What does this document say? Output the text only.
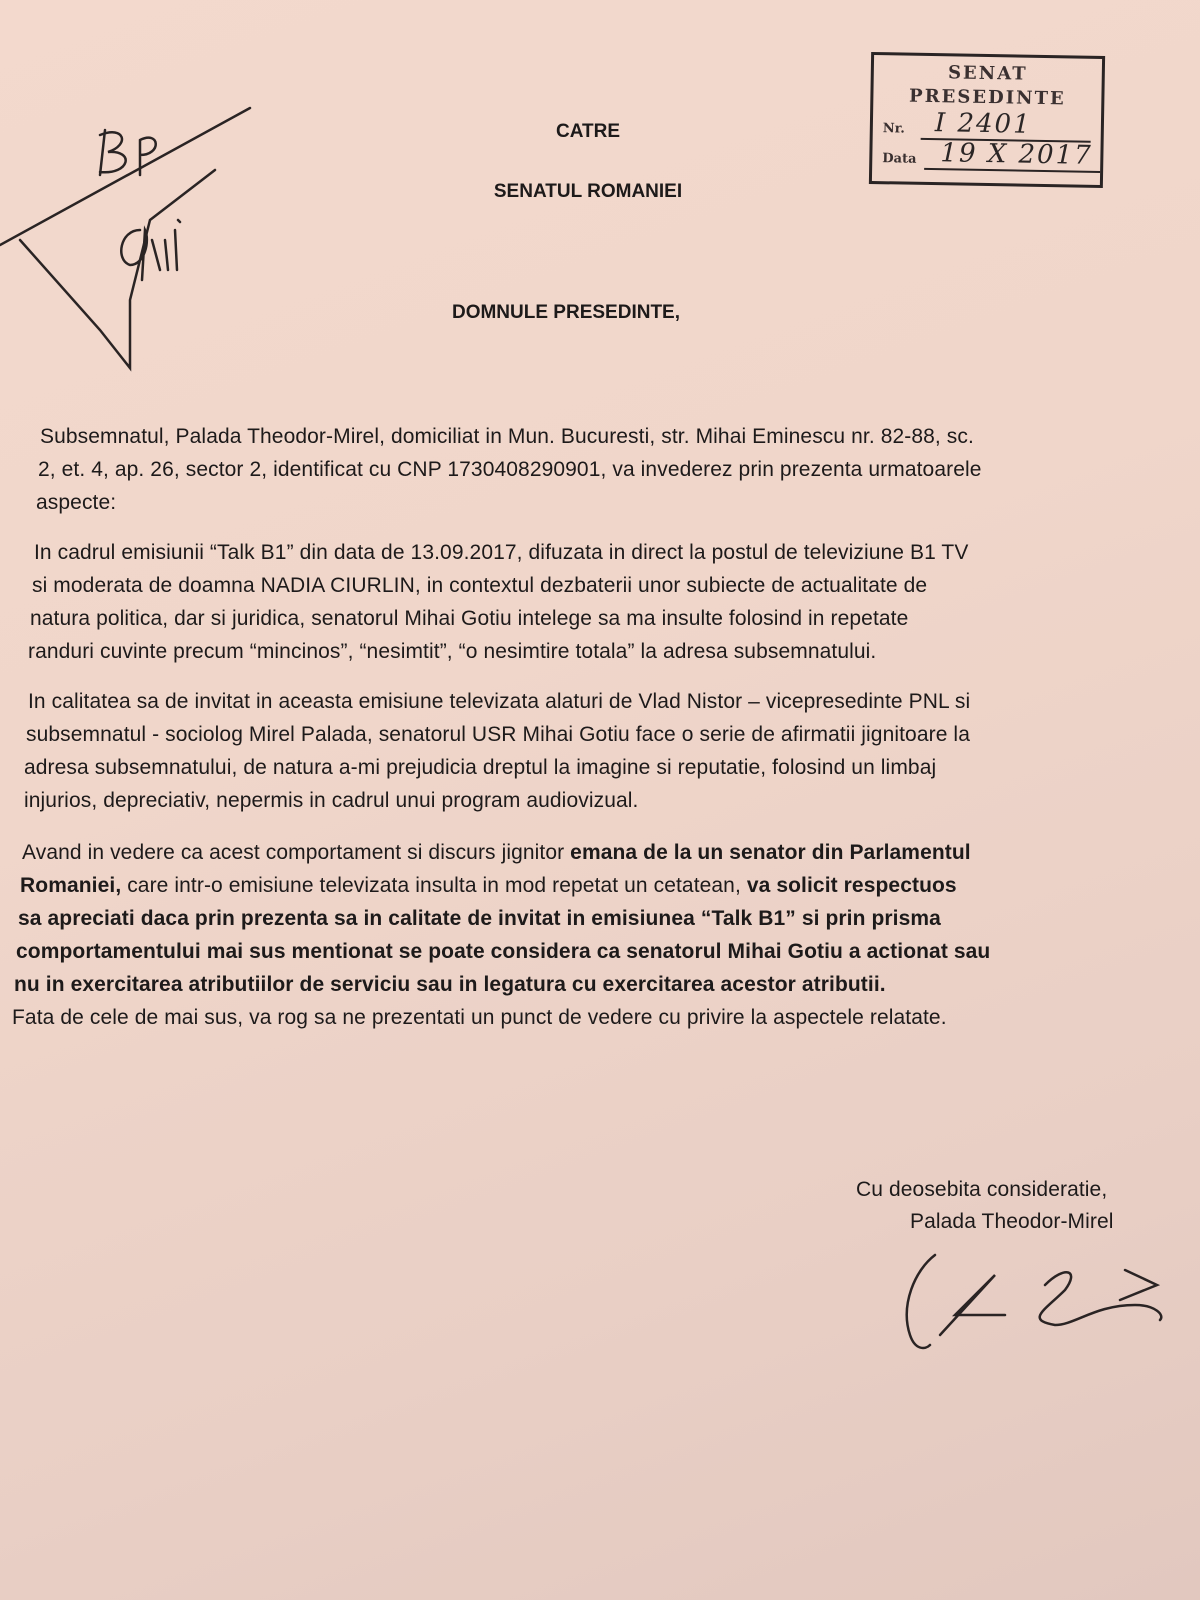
SENAT
PRESEDINTE
Nr. I 2401
Data 19 X 2017
CATRE
SENATUL ROMANIEI
DOMNULE PRESEDINTE,
Subsemnatul, Palada Theodor-Mirel, domiciliat in Mun. Bucuresti, str. Mihai Eminescu nr. 82-88, sc.
2, et. 4, ap. 26, sector 2, identificat cu CNP 1730408290901, va invederez prin prezenta urmatoarele
aspecte:
In cadrul emisiunii “Talk B1” din data de 13.09.2017, difuzata in direct la postul de televiziune B1 TV
si moderata de doamna NADIA CIURLIN, in contextul dezbaterii unor subiecte de actualitate de
natura politica, dar si juridica, senatorul Mihai Gotiu intelege sa ma insulte folosind in repetate
randuri cuvinte precum “mincinos”, “nesimtit”, “o nesimtire totala” la adresa subsemnatului.
In calitatea sa de invitat in aceasta emisiune televizata alaturi de Vlad Nistor – vicepresedinte PNL si
subsemnatul - sociolog Mirel Palada, senatorul USR Mihai Gotiu face o serie de afirmatii jignitoare la
adresa subsemnatului, de natura a-mi prejudicia dreptul la imagine si reputatie, folosind un limbaj
injurios, depreciativ, nepermis in cadrul unui program audiovizual.
Avand in vedere ca acest comportament si discurs jignitor emana de la un senator din Parlamentul
Romaniei, care intr-o emisiune televizata insulta in mod repetat un cetatean, va solicit respectuos
sa apreciati daca prin prezenta sa in calitate de invitat in emisiunea “Talk B1” si prin prisma
comportamentului mai sus mentionat se poate considera ca senatorul Mihai Gotiu a actionat sau
nu in exercitarea atributiilor de serviciu sau in legatura cu exercitarea acestor atributii.
Fata de cele de mai sus, va rog sa ne prezentati un punct de vedere cu privire la aspectele relatate.
Cu deosebita consideratie,
Palada Theodor-Mirel
